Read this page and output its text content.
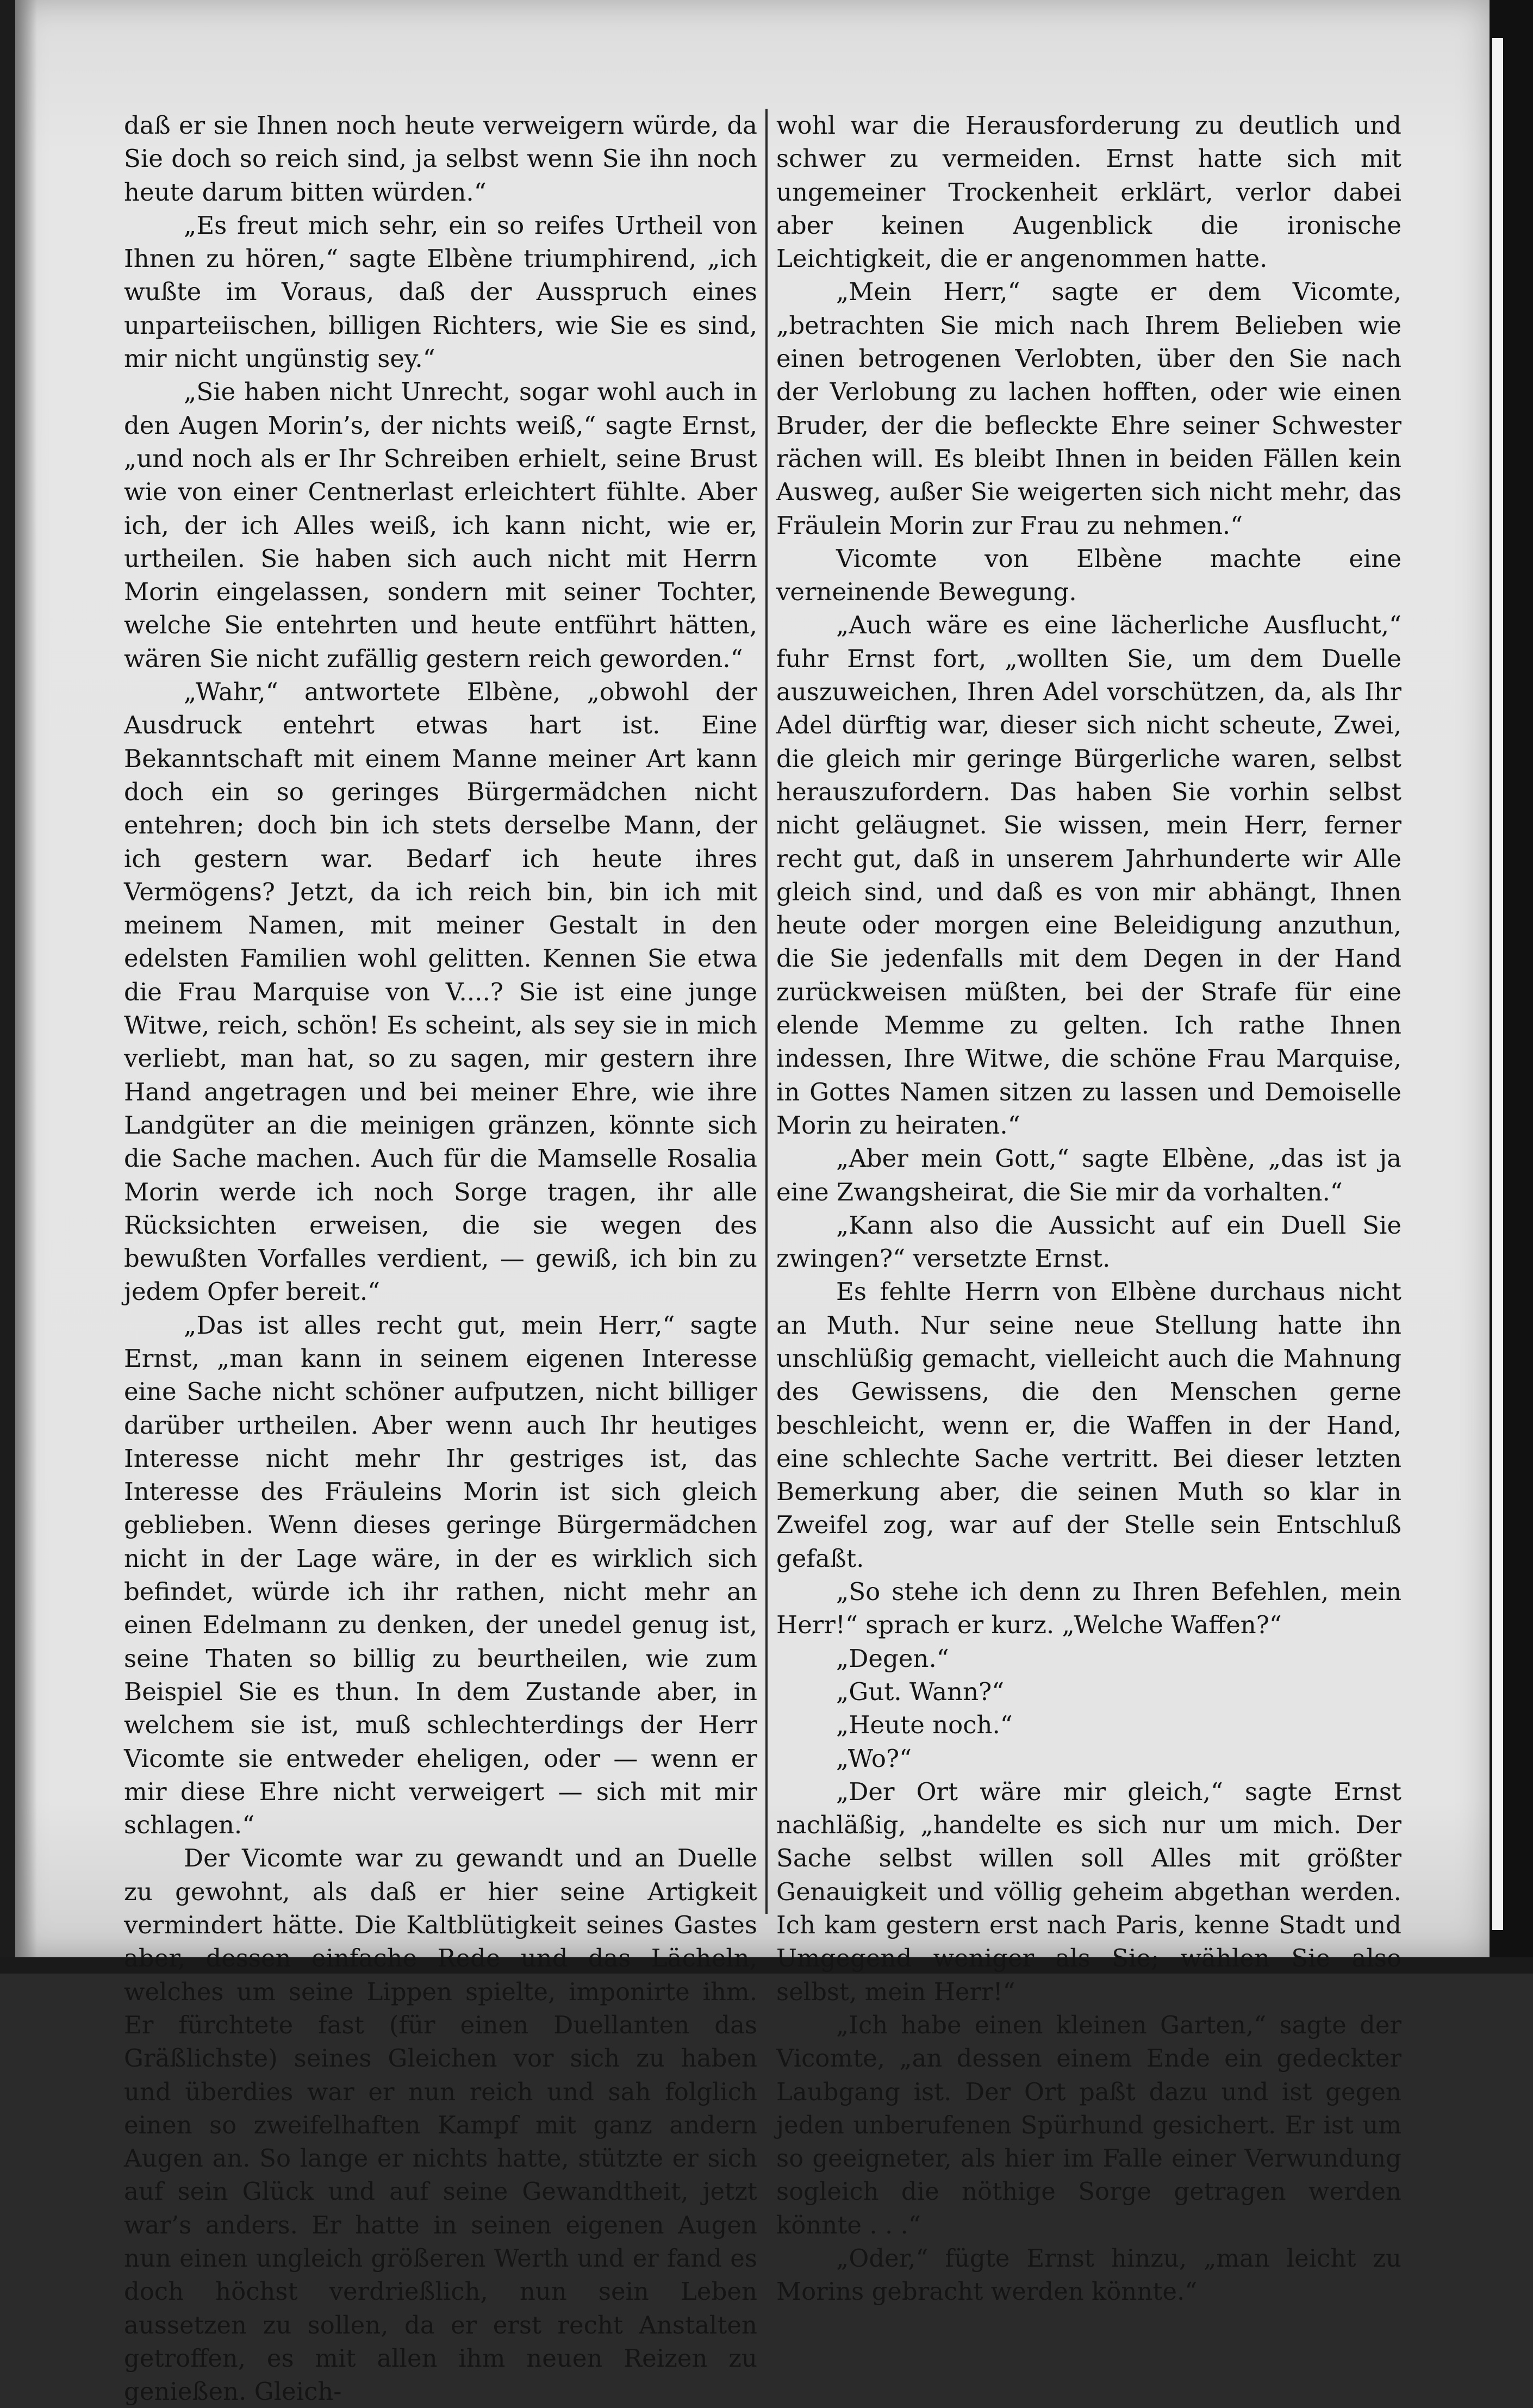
daß er sie Ihnen noch heute verweigern würde, da Sie doch so reich sind, ja selbst wenn Sie ihn noch heute darum bitten würden.“

„Es freut mich sehr, ein so reifes Urtheil von Ihnen zu hören,“ sagte Elbène triumphirend, „ich wußte im Voraus, daß der Ausspruch eines unparteiischen, billigen Richters, wie Sie es sind, mir nicht ungünstig sey.“

„Sie haben nicht Unrecht, sogar wohl auch in den Augen Morin’s, der nichts weiß,“ sagte Ernst, „und noch als er Ihr Schreiben erhielt, seine Brust wie von einer Centnerlast erleichtert fühlte. Aber ich, der ich Alles weiß, ich kann nicht, wie er, urtheilen. Sie haben sich auch nicht mit Herrn Morin eingelassen, sondern mit seiner Tochter, welche Sie entehrten und heute entführt hätten, wären Sie nicht zufällig gestern reich geworden.“

„Wahr,“ antwortete Elbène, „obwohl der Ausdruck entehrt etwas hart ist. Eine Bekanntschaft mit einem Manne meiner Art kann doch ein so geringes Bürgermädchen nicht entehren; doch bin ich stets derselbe Mann, der ich gestern war. Bedarf ich heute ihres Vermögens? Jetzt, da ich reich bin, bin ich mit meinem Namen, mit meiner Gestalt in den edelsten Familien wohl gelitten. Kennen Sie etwa die Frau Marquise von V....? Sie ist eine junge Witwe, reich, schön! Es scheint, als sey sie in mich verliebt, man hat, so zu sagen, mir gestern ihre Hand angetragen und bei meiner Ehre, wie ihre Landgüter an die meinigen gränzen, könnte sich die Sache machen. Auch für die Mamselle Rosalia Morin werde ich noch Sorge tragen, ihr alle Rücksichten erweisen, die sie wegen des bewußten Vorfalles verdient, — gewiß, ich bin zu jedem Opfer bereit.“

„Das ist alles recht gut, mein Herr,“ sagte Ernst, „man kann in seinem eigenen Interesse eine Sache nicht schöner aufputzen, nicht billiger darüber urtheilen. Aber wenn auch Ihr heutiges Interesse nicht mehr Ihr gestriges ist, das Interesse des Fräuleins Morin ist sich gleich geblieben. Wenn dieses geringe Bürgermädchen nicht in der Lage wäre, in der es wirklich sich befindet, würde ich ihr rathen, nicht mehr an einen Edelmann zu denken, der unedel genug ist, seine Thaten so billig zu beurtheilen, wie zum Beispiel Sie es thun. In dem Zustande aber, in welchem sie ist, muß schlechterdings der Herr Vicomte sie entweder eheligen, oder — wenn er mir diese Ehre nicht verweigert — sich mit mir schlagen.“

Der Vicomte war zu gewandt und an Duelle zu gewohnt, als daß er hier seine Artigkeit vermindert hätte. Die Kaltblütigkeit seines Gastes aber, dessen einfache Rede und das Lächeln, welches um seine Lippen spielte, imponirte ihm. Er fürchtete fast (für einen Duellanten das Gräßlichste) seines Gleichen vor sich zu haben und überdies war er nun reich und sah folglich einen so zweifelhaften Kampf mit ganz andern Augen an. So lange er nichts hatte, stützte er sich auf sein Glück und auf seine Gewandtheit, jetzt war’s anders. Er hatte in seinen eigenen Augen nun einen ungleich größeren Werth und er fand es doch höchst verdrießlich, nun sein Leben aussetzen zu sollen, da er erst recht Anstalten getroffen, es mit allen ihm neuen Reizen zu genießen. Gleich-

wohl war die Herausforderung zu deutlich und schwer zu vermeiden. Ernst hatte sich mit ungemeiner Trockenheit erklärt, verlor dabei aber keinen Augenblick die ironische Leichtigkeit, die er angenommen hatte.

„Mein Herr,“ sagte er dem Vicomte, „betrachten Sie mich nach Ihrem Belieben wie einen betrogenen Verlobten, über den Sie nach der Verlobung zu lachen hofften, oder wie einen Bruder, der die befleckte Ehre seiner Schwester rächen will. Es bleibt Ihnen in beiden Fällen kein Ausweg, außer Sie weigerten sich nicht mehr, das Fräulein Morin zur Frau zu nehmen.“

Vicomte von Elbène machte eine verneinende Bewegung.

„Auch wäre es eine lächerliche Ausflucht,“ fuhr Ernst fort, „wollten Sie, um dem Duelle auszuweichen, Ihren Adel vorschützen, da, als Ihr Adel dürftig war, dieser sich nicht scheute, Zwei, die gleich mir geringe Bürgerliche waren, selbst herauszufordern. Das haben Sie vorhin selbst nicht geläugnet. Sie wissen, mein Herr, ferner recht gut, daß in unserem Jahrhunderte wir Alle gleich sind, und daß es von mir abhängt, Ihnen heute oder morgen eine Beleidigung anzuthun, die Sie jedenfalls mit dem Degen in der Hand zurückweisen müßten, bei der Strafe für eine elende Memme zu gelten. Ich rathe Ihnen indessen, Ihre Witwe, die schöne Frau Marquise, in Gottes Namen sitzen zu lassen und Demoiselle Morin zu heiraten.“

„Aber mein Gott,“ sagte Elbène, „das ist ja eine Zwangsheirat, die Sie mir da vorhalten.“

„Kann also die Aussicht auf ein Duell Sie zwingen?“ versetzte Ernst.

Es fehlte Herrn von Elbène durchaus nicht an Muth. Nur seine neue Stellung hatte ihn unschlüßig gemacht, vielleicht auch die Mahnung des Gewissens, die den Menschen gerne beschleicht, wenn er, die Waffen in der Hand, eine schlechte Sache vertritt. Bei dieser letzten Bemerkung aber, die seinen Muth so klar in Zweifel zog, war auf der Stelle sein Entschluß gefaßt.

„So stehe ich denn zu Ihren Befehlen, mein Herr!“ sprach er kurz. „Welche Waffen?“

„Degen.“

„Gut. Wann?“

„Heute noch.“

„Wo?“

„Der Ort wäre mir gleich,“ sagte Ernst nachläßig, „handelte es sich nur um mich. Der Sache selbst willen soll Alles mit größter Genauigkeit und völlig geheim abgethan werden. Ich kam gestern erst nach Paris, kenne Stadt und Umgegend weniger als Sie; wählen Sie also selbst, mein Herr!“

„Ich habe einen kleinen Garten,“ sagte der Vicomte, „an dessen einem Ende ein gedeckter Laubgang ist. Der Ort paßt dazu und ist gegen jeden unberufenen Spürhund gesichert. Er ist um so geeigneter, als hier im Falle einer Verwundung sogleich die nöthige Sorge getragen werden könnte . . .“

„Oder,“ fügte Ernst hinzu, „man leicht zu Morins gebracht werden könnte.“
